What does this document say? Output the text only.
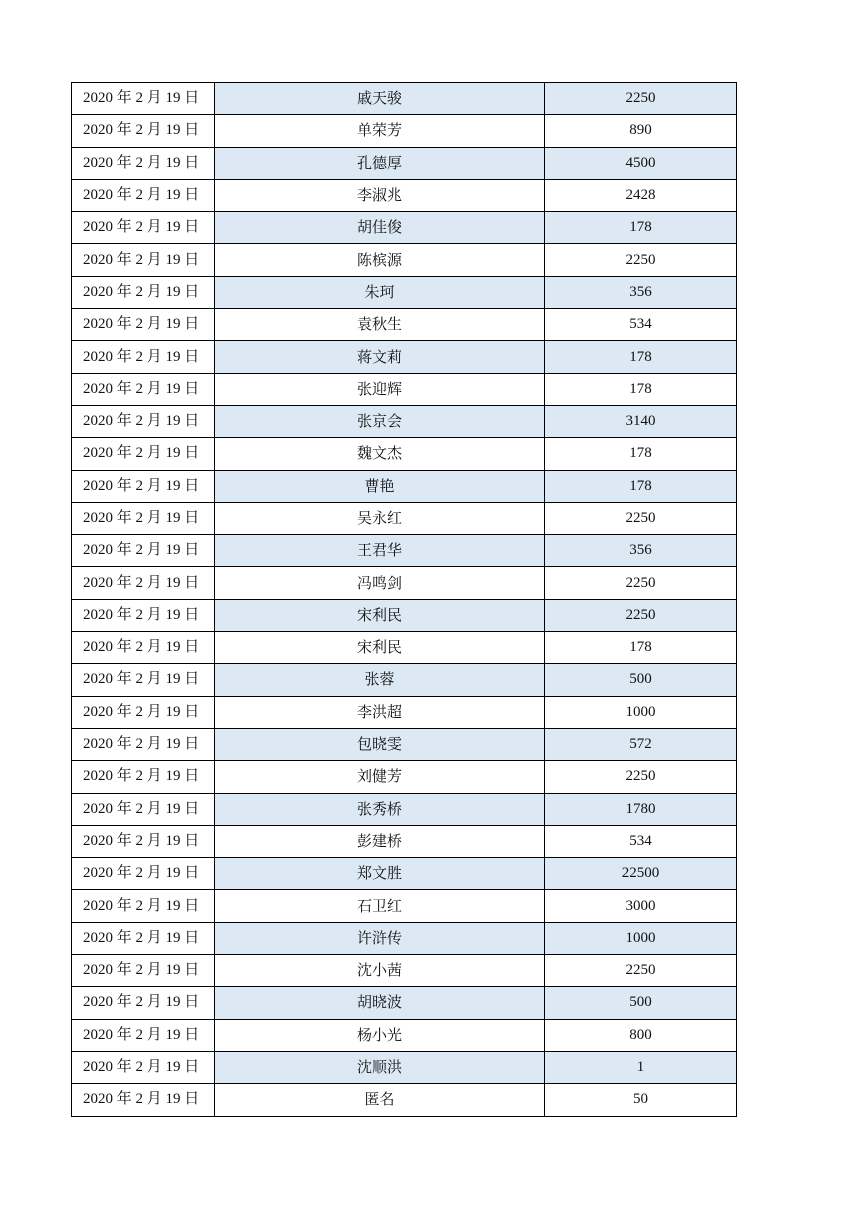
2020 年 2 月 19 日	戚天骏	2250
2020 年 2 月 19 日	单荣芳	890
2020 年 2 月 19 日	孔德厚	4500
2020 年 2 月 19 日	李淑兆	2428
2020 年 2 月 19 日	胡佳俊	178
2020 年 2 月 19 日	陈槟源	2250
2020 年 2 月 19 日	朱珂	356
2020 年 2 月 19 日	袁秋生	534
2020 年 2 月 19 日	蒋文莉	178
2020 年 2 月 19 日	张迎辉	178
2020 年 2 月 19 日	张京会	3140
2020 年 2 月 19 日	魏文杰	178
2020 年 2 月 19 日	曹艳	178
2020 年 2 月 19 日	吴永红	2250
2020 年 2 月 19 日	王君华	356
2020 年 2 月 19 日	冯鸣剑	2250
2020 年 2 月 19 日	宋利民	2250
2020 年 2 月 19 日	宋利民	178
2020 年 2 月 19 日	张蓉	500
2020 年 2 月 19 日	李洪超	1000
2020 年 2 月 19 日	包晓雯	572
2020 年 2 月 19 日	刘健芳	2250
2020 年 2 月 19 日	张秀桥	1780
2020 年 2 月 19 日	彭建桥	534
2020 年 2 月 19 日	郑文胜	22500
2020 年 2 月 19 日	石卫红	3000
2020 年 2 月 19 日	许浒传	1000
2020 年 2 月 19 日	沈小茜	2250
2020 年 2 月 19 日	胡晓波	500
2020 年 2 月 19 日	杨小光	800
2020 年 2 月 19 日	沈顺洪	1
2020 年 2 月 19 日	匿名	50
